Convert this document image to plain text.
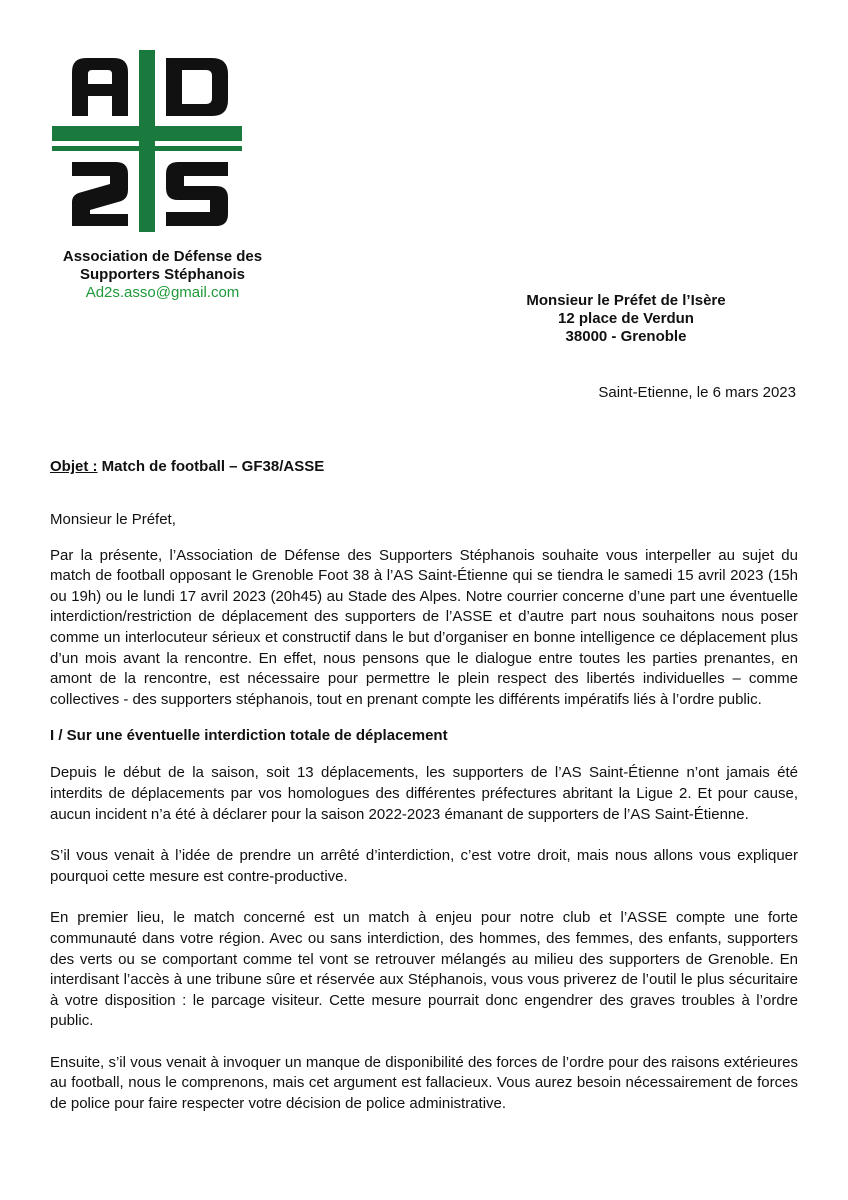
Association de Défense des
Supporters Stéphanois
Ad2s.asso@gmail.com	Monsieur le Préfet de l’Isère
12 place de Verdun
38000 - Grenoble
Saint-Etienne, le 6 mars 2023
Objet : Match de football – GF38/ASSE

Monsieur le Préfet,

Par la présente, l’Association de Défense des Supporters Stéphanois souhaite vous interpeller au sujet du match de football opposant le Grenoble Foot 38 à l’AS Saint-Étienne qui se tiendra le samedi 15 avril 2023 (15h ou 19h) ou le lundi 17 avril 2023 (20h45) au Stade des Alpes. Notre courrier concerne d’une part une éventuelle interdiction/restriction de déplacement des supporters de l’ASSE et d’autre part nous souhaitons nous poser comme un interlocuteur sérieux et constructif dans le but d’organiser en bonne intelligence ce déplacement plus d’un mois avant la rencontre. En effet, nous pensons que le dialogue entre toutes les parties prenantes, en amont de la rencontre, est nécessaire pour permettre le plein respect des libertés individuelles – comme collectives - des supporters stéphanois, tout en prenant compte les différents impératifs liés à l’ordre public.

I / Sur une éventuelle interdiction totale de déplacement

Depuis le début de la saison, soit 13 déplacements, les supporters de l’AS Saint-Étienne n’ont jamais été interdits de déplacements par vos homologues des différentes préfectures abritant la Ligue 2. Et pour cause, aucun incident n’a été à déclarer pour la saison 2022-2023 émanant de supporters de l’AS Saint-Étienne.

S’il vous venait à l’idée de prendre un arrêté d’interdiction, c’est votre droit, mais nous allons vous expliquer pourquoi cette mesure est contre-productive.

En premier lieu, le match concerné est un match à enjeu pour notre club et l’ASSE compte une forte communauté dans votre région. Avec ou sans interdiction, des hommes, des femmes, des enfants, supporters des verts ou se comportant comme tel vont se retrouver mélangés au milieu des supporters de Grenoble. En interdisant l’accès à une tribune sûre et réservée aux Stéphanois, vous vous priverez de l’outil le plus sécuritaire à votre disposition : le parcage visiteur. Cette mesure pourrait donc engendrer des graves troubles à l’ordre public.

Ensuite, s’il vous venait à invoquer un manque de disponibilité des forces de l’ordre pour des raisons extérieures au football, nous le comprenons, mais cet argument est fallacieux. Vous aurez besoin nécessairement de forces de police pour faire respecter votre décision de police administrative.
